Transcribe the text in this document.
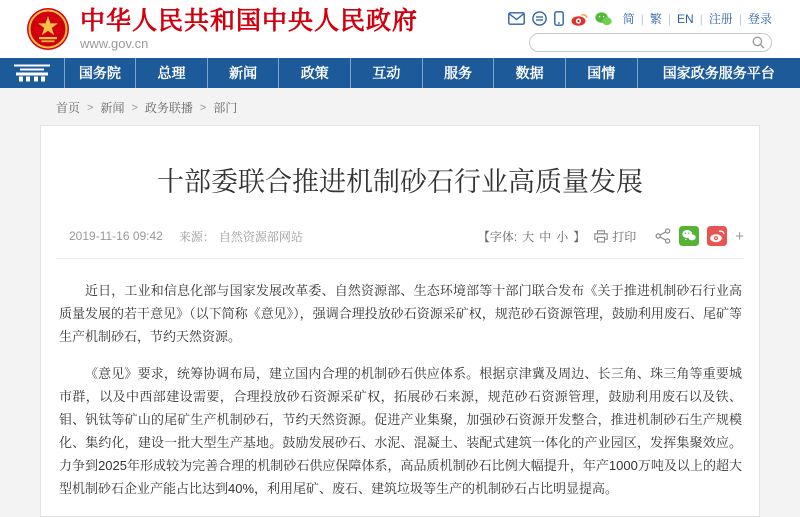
中华人民共和国中央人民政府
www.gov.cn
简 | 繁 | EN | 注册 | 登录
国务院	总理	新闻	政策	互动	服务	数据	国情	国家政务服务平台
首页 > 新闻 > 政务联播 > 部门
十部委联合推进机制砂石行业高质量发展
2019-11-16 09:42 来源： 自然资源部网站	【字体: 大 中 小 】 打印	+

近日，工业和信息化部与国家发展改革委、自然资源部、生态环境部等十部门联合发布《关于推进机制砂石行业高质量发展的若干意见》（以下简称《意见》），强调合理投放砂石资源采矿权，规范砂石资源管理，鼓励利用废石、尾矿等生产机制砂石，节约天然资源。

《意见》要求，统筹协调布局，建立国内合理的机制砂石供应体系。根据京津冀及周边、长三角、珠三角等重要城市群，以及中西部建设需要，合理投放砂石资源采矿权，拓展砂石来源，规范砂石资源管理，鼓励利用废石以及铁、钼、钒钛等矿山的尾矿生产机制砂石，节约天然资源。促进产业集聚，加强砂石资源开发整合，推进机制砂石生产规模化、集约化，建设一批大型生产基地。鼓励发展砂石、水泥、混凝土、装配式建筑一体化的产业园区，发挥集聚效应。力争到2025年形成较为完善合理的机制砂石供应保障体系，高品质机制砂石比例大幅提升，年产1000万吨及以上的超大型机制砂石企业产能占比达到40%，利用尾矿、废石、建筑垃圾等生产的机制砂石占比明显提高。
